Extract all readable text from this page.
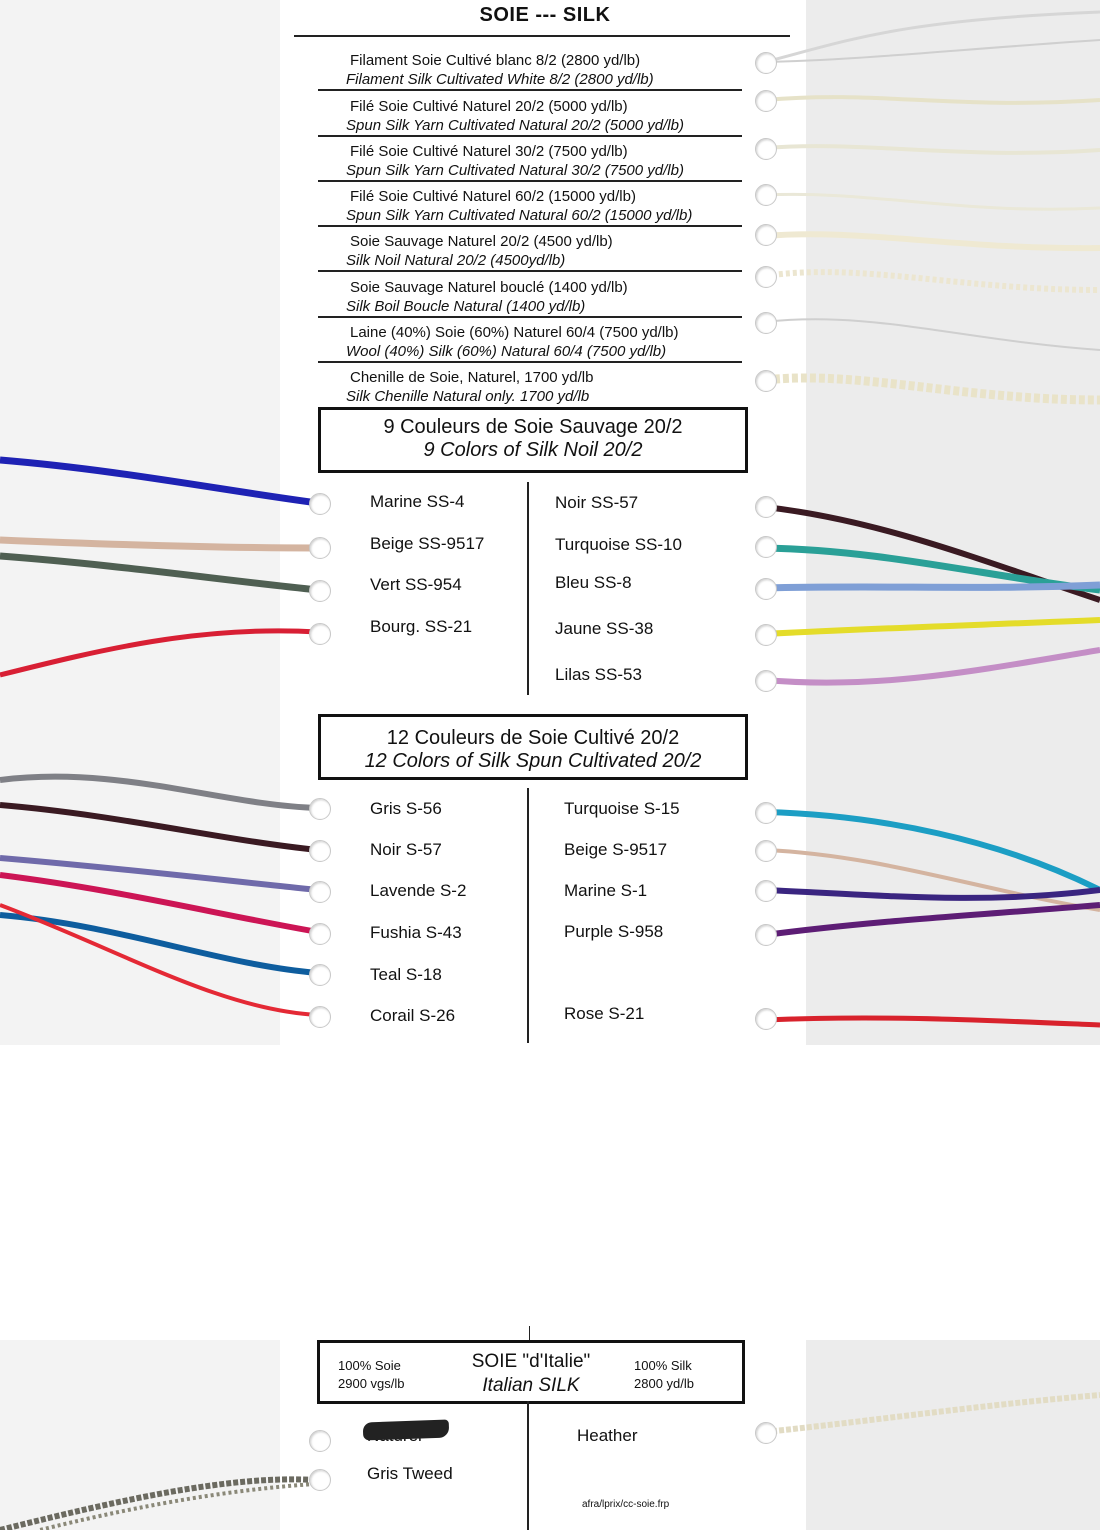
SOIE --- SILK
Filament Soie Cultivé blanc 8/2 (2800 yd/lb)
Filament Silk Cultivated White 8/2 (2800 yd/lb)
Filé Soie Cultivé Naturel 20/2 (5000 yd/lb)
Spun Silk Yarn Cultivated Natural 20/2 (5000 yd/lb)
Filé Soie Cultivé Naturel 30/2 (7500 yd/lb)
Spun Silk Yarn Cultivated Natural 30/2 (7500 yd/lb)
Filé Soie Cultivé Naturel 60/2 (15000 yd/lb)
Spun Silk Yarn Cultivated Natural 60/2 (15000 yd/lb)
Soie Sauvage Naturel 20/2 (4500 yd/lb)
Silk Noil Natural 20/2 (4500yd/lb)
Soie Sauvage Naturel bouclé (1400 yd/lb)
Silk Boil Boucle Natural (1400 yd/lb)
Laine (40%) Soie (60%) Naturel 60/4 (7500 yd/lb)
Wool (40%) Silk (60%) Natural 60/4 (7500 yd/lb)
Chenille de Soie, Naturel, 1700 yd/lb
Silk Chenille Natural only. 1700 yd/lb
9 Couleurs de Soie Sauvage 20/2
9 Colors of Silk Noil 20/2
Marine SS-4
Beige SS-9517
Vert SS-954
Bourg. SS-21
Noir SS-57
Turquoise SS-10
Bleu SS-8
Jaune SS-38
Lilas SS-53
12 Couleurs de Soie Cultivé 20/2
12 Colors of Silk Spun Cultivated 20/2
Gris S-56
Noir S-57
Lavende S-2
Fushia S-43
Teal S-18
Corail S-26
Turquoise S-15
Beige S-9517
Marine S-1
Purple S-958
Rose S-21
100% Soie
2900 vgs/lb
SOIE "d'Italie"
Italian SILK
100% Silk
2800 yd/lb
Gris Tweed
Heather
afra/lprix/cc-soie.frp
